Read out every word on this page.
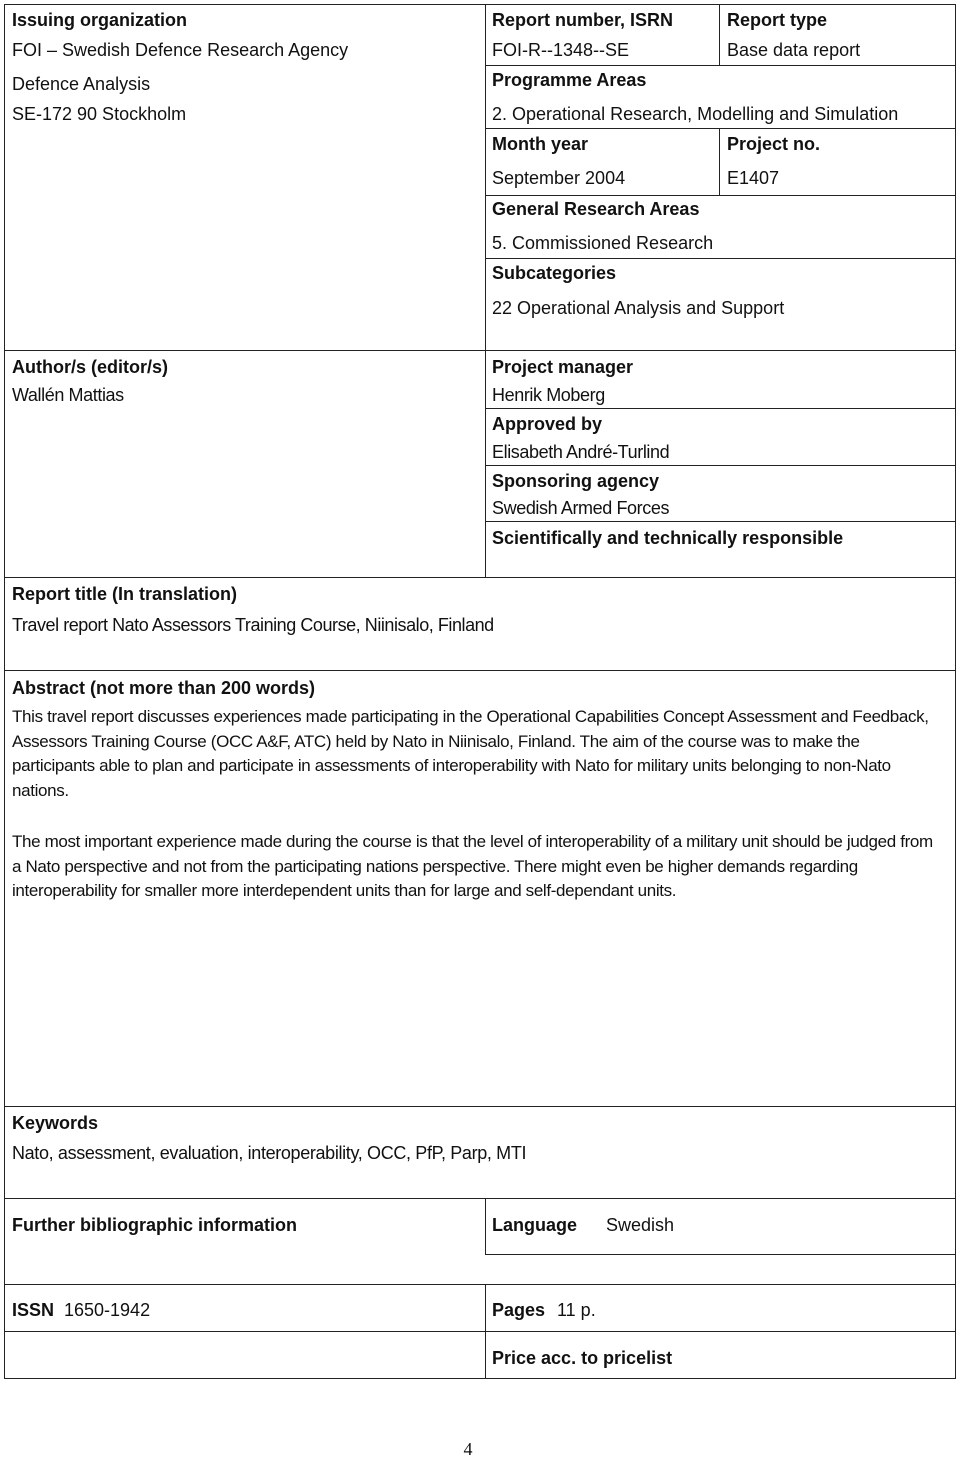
Issuing organization
FOI – Swedish Defence Research Agency
Defence Analysis
SE-172 90 Stockholm
Report number, ISRN
FOI-R--1348--SE
Report type
Base data report
Programme Areas
2. Operational Research, Modelling and Simulation
Month year
September 2004
Project no.
E1407
General Research Areas
5. Commissioned Research
Subcategories
22 Operational Analysis and Support
Author/s (editor/s)
Wallén Mattias
Project manager
Henrik Moberg
Approved by
Elisabeth André-Turlind
Sponsoring agency
Swedish Armed Forces
Scientifically and technically responsible
Report title (In translation)
Travel report Nato Assessors Training Course, Niinisalo, Finland
Abstract (not more than 200 words)
This travel report discusses experiences made participating in the Operational Capabilities Concept Assessment and Feedback, Assessors Training Course (OCC A&F, ATC) held by Nato in Niinisalo, Finland. The aim of the course was to make the participants able to plan and participate in assessments of interoperability with Nato for military units belonging to non-Nato nations.
The most important experience made during the course is that the level of interoperability of a military unit should be judged from a Nato perspective and not from the participating nations perspective. There might even be higher demands regarding interoperability for smaller more interdependent units than for large and self-dependant units.
Keywords
Nato, assessment, evaluation, interoperability, OCC, PfP, Parp, MTI
Further bibliographic information	Language Swedish
ISSN 1650-1942	Pages 11 p.
Price acc. to pricelist
4
